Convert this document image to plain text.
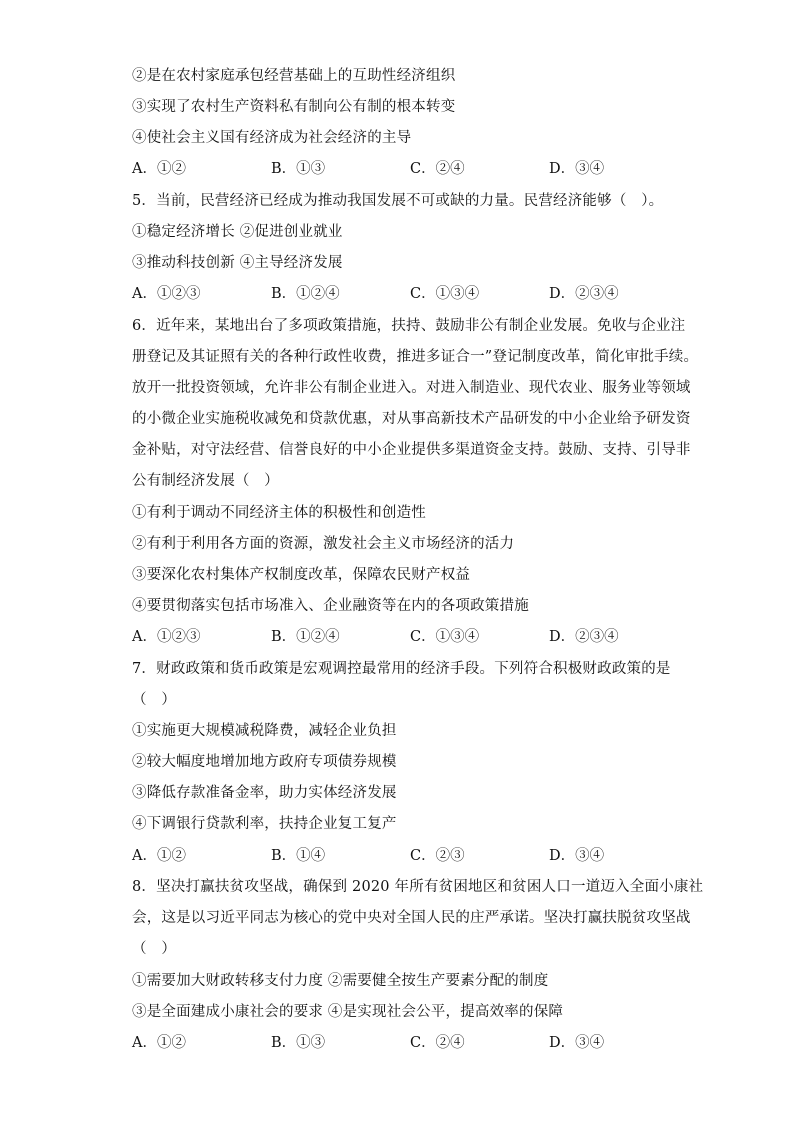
②是在农村家庭承包经营基础上的互助性经济组织
③实现了农村生产资料私有制向公有制的根本转变
④使社会主义国有经济成为社会经济的主导
A．①②	B．①③	C．②④	D．③④
5．当前，民营经济已经成为推动我国发展不可或缺的力量。民营经济能够（　）。
①稳定经济增长 ②促进创业就业
③推动科技创新 ④主导经济发展
A．①②③	B．①②④	C．①③④	D．②③④
6．近年来，某地出台了多项政策措施，扶持、鼓励非公有制企业发展。免收与企业注
册登记及其证照有关的各种行政性收费，推进多证合一”登记制度改革，简化审批手续。
放开一批投资领域，允许非公有制企业进入。对进入制造业、现代农业、服务业等领域
的小微企业实施税收减免和贷款优惠，对从事高新技术产品研发的中小企业给予研发资
金补贴，对守法经营、信誉良好的中小企业提供多渠道资金支持。鼓励、支持、引导非
公有制经济发展（　）
①有利于调动不同经济主体的积极性和创造性
②有利于利用各方面的资源，激发社会主义市场经济的活力
③要深化农村集体产权制度改革，保障农民财产权益
④要贯彻落实包括市场准入、企业融资等在内的各项政策措施
A．①②③	B．①②④	C．①③④	D．②③④
7．财政政策和货币政策是宏观调控最常用的经济手段。下列符合积极财政政策的是
（　）
①实施更大规模减税降费，减轻企业负担
②较大幅度地增加地方政府专项债券规模
③降低存款准备金率，助力实体经济发展
④下调银行贷款利率，扶持企业复工复产
A．①②	B．①④	C．②③	D．③④
8．坚决打赢扶贫攻坚战，确保到 2020 年所有贫困地区和贫困人口一道迈入全面小康社
会，这是以习近平同志为核心的党中央对全国人民的庄严承诺。坚决打赢扶脱贫攻坚战
（　）
①需要加大财政转移支付力度 ②需要健全按生产要素分配的制度
③是全面建成小康社会的要求 ④是实现社会公平，提高效率的保障
A．①②	B．①③	C．②④	D．③④
